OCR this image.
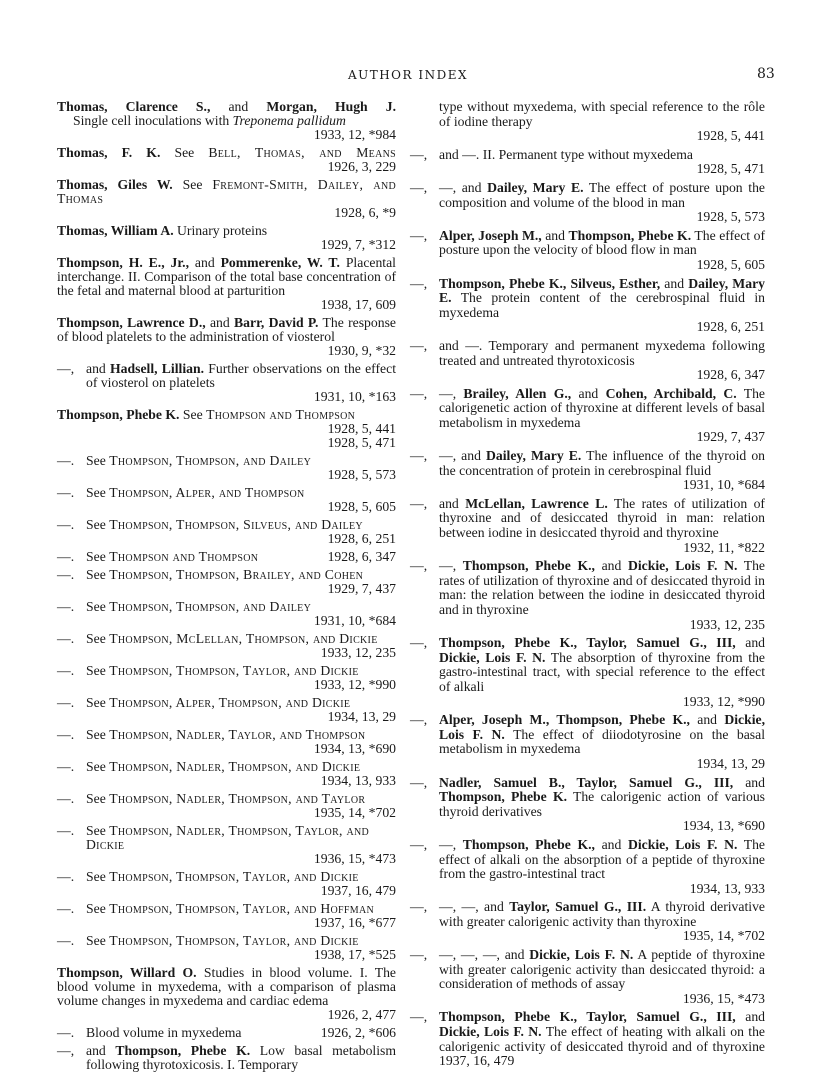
AUTHOR INDEX	83
Thomas, Clarence S., and Morgan, Hugh J.
Single cell inoculations with Treponema pallidum
1933, 12, *984
Thomas, F. K. See Bell, Thomas, and Means
1926, 3, 229
Thomas, Giles W. See Fremont-Smith, Dailey, and Thomas
1928, 6, *9
Thomas, William A. Urinary proteins
1929, 7, *312
Thompson, H. E., Jr., and Pommerenke, W. T. Placental interchange. II. Comparison of the total base concentration of the fetal and maternal blood at parturition
1938, 17, 609
Thompson, Lawrence D., and Barr, David P. The response of blood platelets to the administration of viosterol
1930, 9, *32
—, and Hadsell, Lillian. Further observations on the effect of viosterol on platelets
1931, 10, *163
Thompson, Phebe K. See Thompson and Thompson
1928, 5, 441
1928, 5, 471
—. See Thompson, Thompson, and Dailey
1928, 5, 573
—. See Thompson, Alper, and Thompson
1928, 5, 605
—. See Thompson, Thompson, Silveus, and Dailey
1928, 6, 251
—. See Thompson and Thompson	1928, 6, 347
—. See Thompson, Thompson, Brailey, and Cohen
1929, 7, 437
—. See Thompson, Thompson, and Dailey
1931, 10, *684
—. See Thompson, McLellan, Thompson, and Dickie
1933, 12, 235
—. See Thompson, Thompson, Taylor, and Dickie
1933, 12, *990
—. See Thompson, Alper, Thompson, and Dickie
1934, 13, 29
—. See Thompson, Nadler, Taylor, and Thompson
1934, 13, *690
—. See Thompson, Nadler, Thompson, and Dickie
1934, 13, 933
—. See Thompson, Nadler, Thompson, and Taylor
1935, 14, *702
—. See Thompson, Nadler, Thompson, Taylor, and Dickie
1936, 15, *473
—. See Thompson, Thompson, Taylor, and Dickie
1937, 16, 479
—. See Thompson, Thompson, Taylor, and Hoffman
1937, 16, *677
—. See Thompson, Thompson, Taylor, and Dickie
1938, 17, *525
Thompson, Willard O. Studies in blood volume. I. The blood volume in myxedema, with a comparison of plasma volume changes in myxedema and cardiac edema
1926, 2, 477
—. Blood volume in myxedema	1926, 2, *606
—, and Thompson, Phebe K. Low basal metabolism following thyrotoxicosis. I. Temporary
type without myxedema, with special reference to the rôle of iodine therapy
1928, 5, 441
—, and —. II. Permanent type without myxedema
1928, 5, 471
—, —, and Dailey, Mary E. The effect of posture upon the composition and volume of the blood in man
1928, 5, 573
—, Alper, Joseph M., and Thompson, Phebe K. The effect of posture upon the velocity of blood flow in man
1928, 5, 605
—, Thompson, Phebe K., Silveus, Esther, and Dailey, Mary E. The protein content of the cerebrospinal fluid in myxedema
1928, 6, 251
—, and —. Temporary and permanent myxedema following treated and untreated thyrotoxicosis
1928, 6, 347
—, —, Brailey, Allen G., and Cohen, Archibald, C. The calorigenetic action of thyroxine at different levels of basal metabolism in myxedema
1929, 7, 437
—, —, and Dailey, Mary E. The influence of the thyroid on the concentration of protein in cerebrospinal fluid
1931, 10, *684
—, and McLellan, Lawrence L. The rates of utilization of thyroxine and of desiccated thyroid in man: relation between iodine in desiccated thyroid and thyroxine
1932, 11, *822
—, —, Thompson, Phebe K., and Dickie, Lois F. N. The rates of utilization of thyroxine and of desiccated thyroid in man: the relation between the iodine in desiccated thyroid and in thyroxine
1933, 12, 235
—, Thompson, Phebe K., Taylor, Samuel G., III, and Dickie, Lois F. N. The absorption of thyroxine from the gastro-intestinal tract, with special reference to the effect of alkali
1933, 12, *990
—, Alper, Joseph M., Thompson, Phebe K., and Dickie, Lois F. N. The effect of diiodotyrosine on the basal metabolism in myxedema
1934, 13, 29
—, Nadler, Samuel B., Taylor, Samuel G., III, and Thompson, Phebe K. The calorigenic action of various thyroid derivatives
1934, 13, *690
—, —, Thompson, Phebe K., and Dickie, Lois F. N. The effect of alkali on the absorption of a peptide of thyroxine from the gastro-intestinal tract
1934, 13, 933
—, —, —, and Taylor, Samuel G., III. A thyroid derivative with greater calorigenic activity than thyroxine
1935, 14, *702
—, —, —, —, and Dickie, Lois F. N. A peptide of thyroxine with greater calorigenic activity than desiccated thyroid: a consideration of methods of assay
1936, 15, *473
—, Thompson, Phebe K., Taylor, Samuel G., III, and Dickie, Lois F. N. The effect of heating with alkali on the calorigenic activity of desiccated thyroid and of thyroxine 1937, 16, 479
